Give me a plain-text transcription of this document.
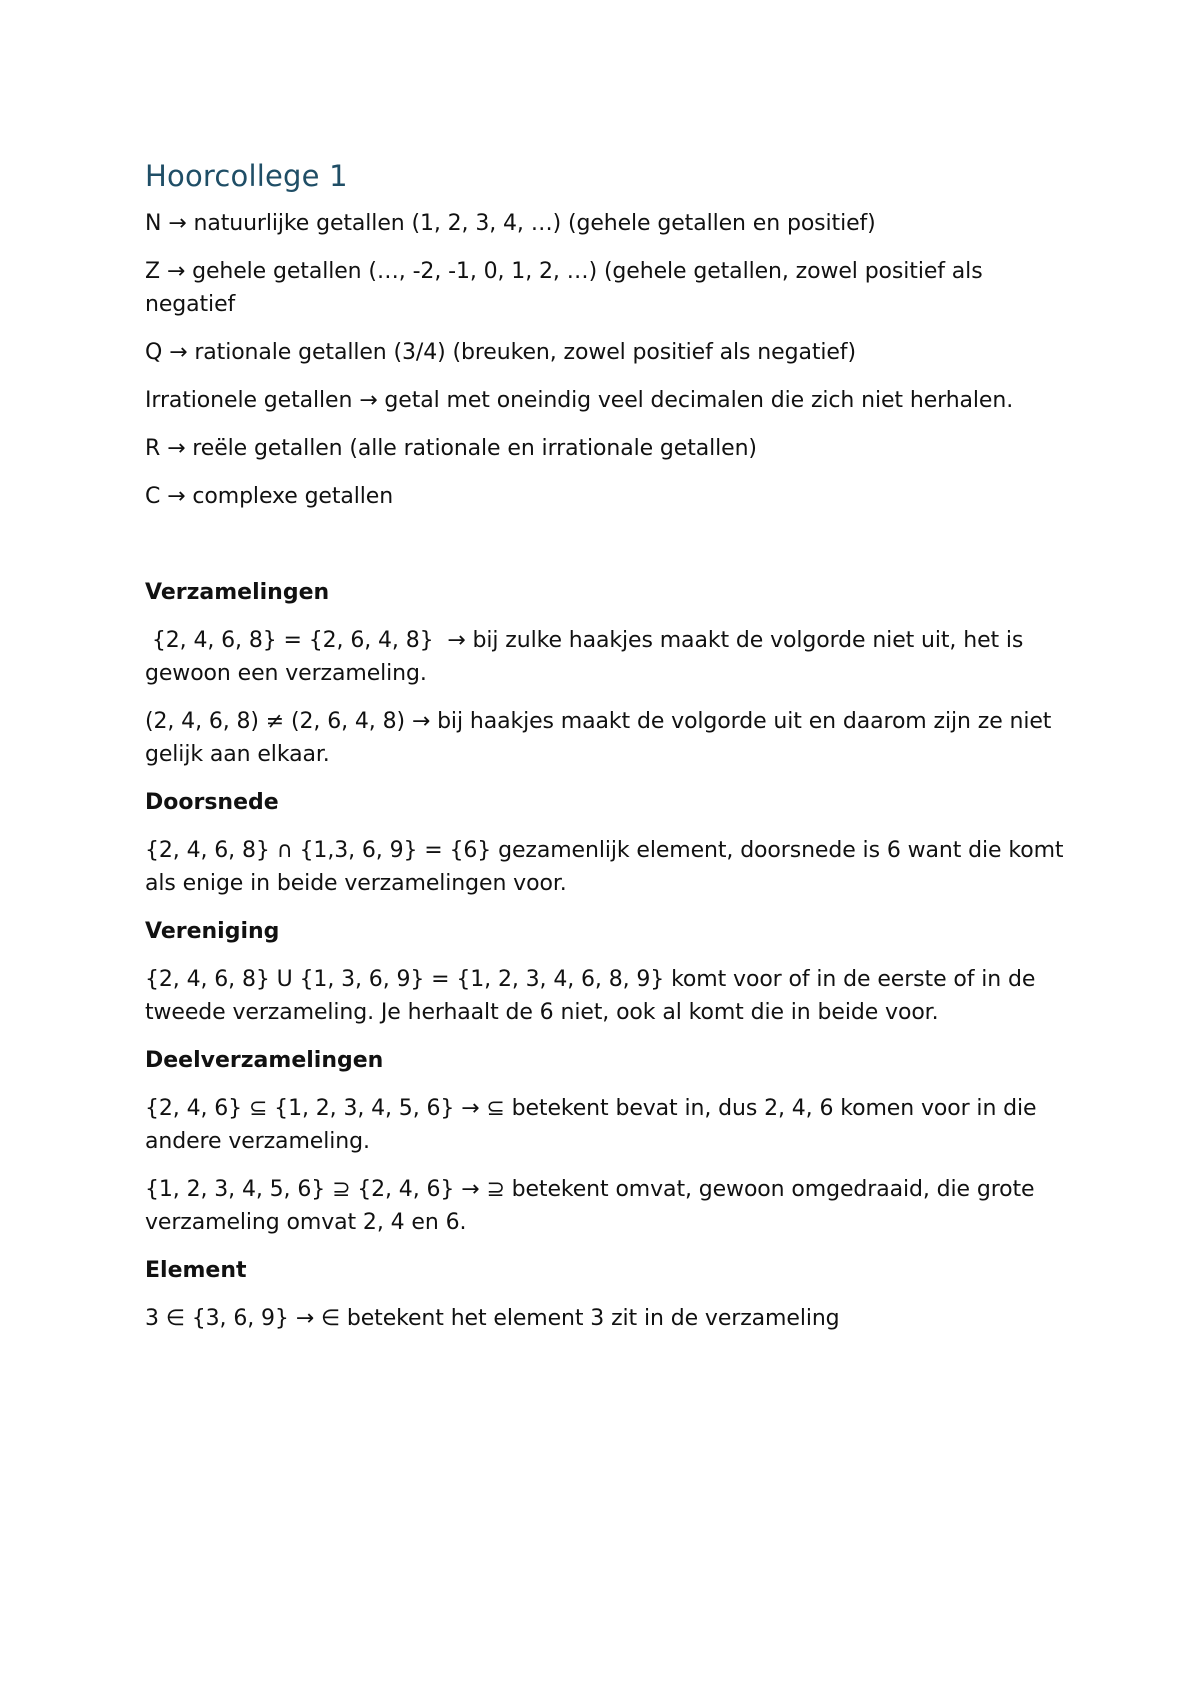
Hoorcollege 1

N → natuurlijke getallen (1, 2, 3, 4, …) (gehele getallen en positief)

Z → gehele getallen (…, -2, -1, 0, 1, 2, …) (gehele getallen, zowel positief als negatief

Q → rationale getallen (3/4) (breuken, zowel positief als negatief)

Irrationele getallen → getal met oneindig veel decimalen die zich niet herhalen.

R → reële getallen (alle rationale en irrationale getallen)

C → complexe getallen

Verzamelingen

{2, 4, 6, 8} = {2, 6, 4, 8}  → bij zulke haakjes maakt de volgorde niet uit, het is gewoon een verzameling.

(2, 4, 6, 8) ≠ (2, 6, 4, 8) → bij haakjes maakt de volgorde uit en daarom zijn ze niet gelijk aan elkaar.

Doorsnede

{2, 4, 6, 8} ∩ {1,3, 6, 9} = {6} gezamenlijk element, doorsnede is 6 want die komt als enige in beide verzamelingen voor.

Vereniging

{2, 4, 6, 8} U {1, 3, 6, 9} = {1, 2, 3, 4, 6, 8, 9} komt voor of in de eerste of in de tweede verzameling. Je herhaalt de 6 niet, ook al komt die in beide voor.

Deelverzamelingen

{2, 4, 6} ⊆ {1, 2, 3, 4, 5, 6} → ⊆ betekent bevat in, dus 2, 4, 6 komen voor in die andere verzameling.

{1, 2, 3, 4, 5, 6} ⊇ {2, 4, 6} → ⊇ betekent omvat, gewoon omgedraaid, die grote verzameling omvat 2, 4 en 6.

Element

3 ∈ {3, 6, 9} → ∈ betekent het element 3 zit in de verzameling
